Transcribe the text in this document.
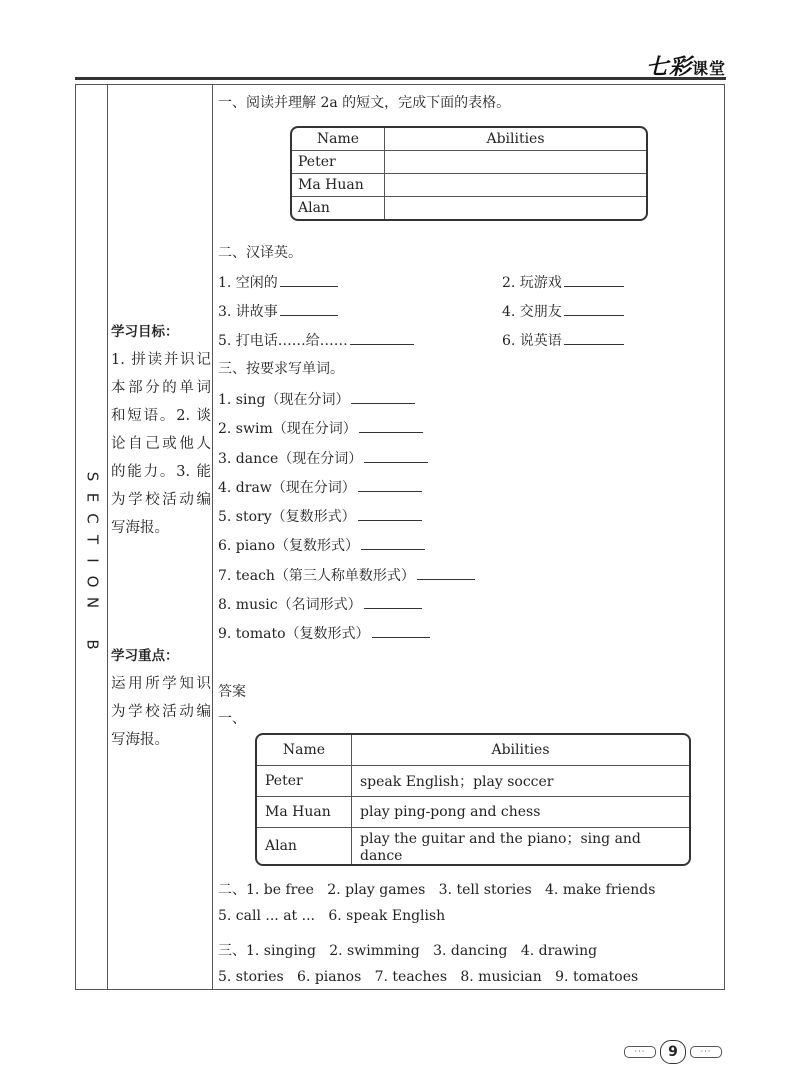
七彩课堂
S
E
C
T
I
O
N

B
学习目标：
1. 拼读并识记本部分的单词和短语。2. 谈论自己或他人的能力。3. 能为学校活动编写海报。
学习重点：
运用所学知识为学校活动编写海报。
一、阅读并理解 2a 的短文，完成下面的表格。
Name	Abilities
Peter	
Ma Huan	
Alan	
二、汉译英。
1. 空闲的
3. 讲故事
5. 打电话……给……
2. 玩游戏
4. 交朋友
6. 说英语
三、按要求写单词。
1. sing（现在分词）
2. swim（现在分词）
3. dance（现在分词）
4. draw（现在分词）
5. story（复数形式）
6. piano（复数形式）
7. teach（第三人称单数形式）
8. music（名词形式）
9. tomato（复数形式）
答案
一、
Name	Abilities
Peter	speak English；play soccer
Ma Huan	play ping-pong and chess
Alan	play the guitar and the piano；sing and dance
二、1. be free   2. play games   3. tell stories   4. make friends
5. call ... at ...   6. speak English
三、1. singing   2. swimming   3. dancing   4. drawing
5. stories   6. pianos   7. teaches   8. musician   9. tomatoes
··· 9	···
